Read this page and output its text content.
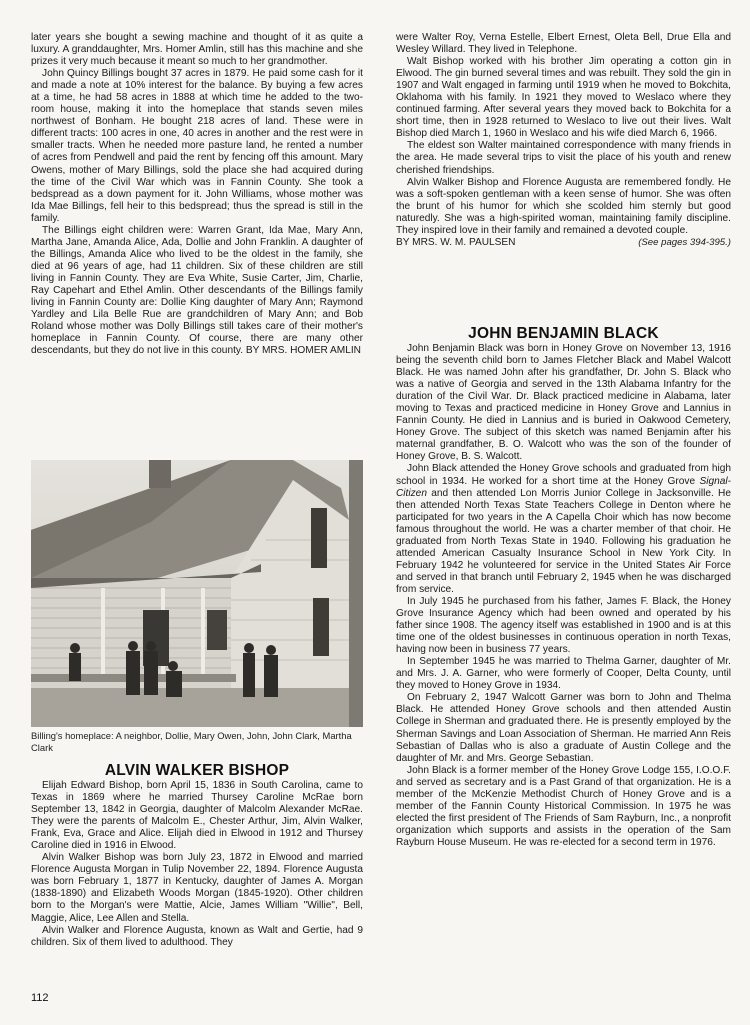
later years she bought a sewing machine and thought of it as quite a luxury. A granddaughter, Mrs. Homer Amlin, still has this machine and she prizes it very much because it meant so much to her grandmother.

John Quincy Billings bought 37 acres in 1879. He paid some cash for it and made a note at 10% interest for the balance. By buying a few acres at a time, he had 58 acres in 1888 at which time he added to the two-room house, making it into the homeplace that stands seven miles northwest of Bonham. He bought 218 acres of land. These were in different tracts: 100 acres in one, 40 acres in another and the rest were in smaller tracts. When he needed more pasture land, he rented a number of acres from Pendwell and paid the rent by fencing off this amount. Mary Owens, mother of Mary Billings, sold the place she had acquired during the time of the Civil War which was in Fannin County. She took a bedspread as a down payment for it. John Williams, whose mother was Ida Mae Billings, fell heir to this bedspread; thus the spread is still in the family.

The Billings eight children were: Warren Grant, Ida Mae, Mary Ann, Martha Jane, Amanda Alice, Ada, Dollie and John Franklin. A daughter of the Billings, Amanda Alice who lived to be the oldest in the family, she died at 96 years of age, had 11 children. Six of these children are still living in Fannin County. They are Eva White, Susie Carter, Jim, Charlie, Ray Capehart and Ethel Amlin. Other descendants of the Billings family living in Fannin County are: Dollie King daughter of Mary Ann; Raymond Yardley and Lila Belle Rue are grandchildren of Mary Ann; and Bob Roland whose mother was Dolly Billings still takes care of their mother's homeplace in Fannin County. Of course, there are many other descendants, but they do not live in this county. BY MRS. HOMER AMLIN

Billing's homeplace: A neighbor, Dollie, Mary Owen, John, John Clark, Martha Clark
ALVIN WALKER BISHOP

Elijah Edward Bishop, born April 15, 1836 in South Carolina, came to Texas in 1869 where he married Thursey Caroline McRae born September 13, 1842 in Georgia, daughter of Malcolm Alexander McRae. They were the parents of Malcolm E., Chester Arthur, Jim, Alvin Walker, Frank, Eva, Grace and Alice. Elijah died in Elwood in 1912 and Thursey Caroline died in 1916 in Elwood.

Alvin Walker Bishop was born July 23, 1872 in Elwood and married Florence Augusta Morgan in Tulip November 22, 1894. Florence Augusta was born February 1, 1877 in Kentucky, daughter of James A. Morgan (1838-1890) and Elizabeth Woods Morgan (1845-1920). Other children born to the Morgan's were Mattie, Alcie, James William "Willie", Bell, Maggie, Alice, Lee Allen and Stella.

Alvin Walker and Florence Augusta, known as Walt and Gertie, had 9 children. Six of them lived to adulthood. They

were Walter Roy, Verna Estelle, Elbert Ernest, Oleta Bell, Drue Ella and Wesley Willard. They lived in Telephone.

Walt Bishop worked with his brother Jim operating a cotton gin in Elwood. The gin burned several times and was rebuilt. They sold the gin in 1907 and Walt engaged in farming until 1919 when he moved to Bokchita, Oklahoma with his family. In 1921 they moved to Weslaco where they continued farming. After several years they moved back to Bokchita for a short time, then in 1928 returned to Weslaco to live out their lives. Walt Bishop died March 1, 1960 in Weslaco and his wife died March 6, 1966.

The eldest son Walter maintained correspondence with many friends in the area. He made several trips to visit the place of his youth and renew cherished friendships.

Alvin Walker Bishop and Florence Augusta are remembered fondly. He was a soft-spoken gentleman with a keen sense of humor. She was often the brunt of his humor for which she scolded him sternly but good naturedly. She was a high-spirited woman, maintaining family discipline. They inspired love in their family and remained a devoted couple.

BY MRS. W. M. PAULSEN	(See pages 394-395.)
JOHN BENJAMIN BLACK

John Benjamin Black was born in Honey Grove on November 13, 1916 being the seventh child born to James Fletcher Black and Mabel Walcott Black. He was named John after his grandfather, Dr. John S. Black who was a native of Georgia and served in the 13th Alabama Infantry for the duration of the Civil War. Dr. Black practiced medicine in Alabama, later moving to Texas and practiced medicine in Honey Grove and Lannius in Fannin County. He died in Lannius and is buried in Oakwood Cemetery, Honey Grove. The subject of this sketch was named Benjamin after his maternal grandfather, B. O. Walcott who was the son of the founder of Honey Grove, B. S. Walcott.

John Black attended the Honey Grove schools and graduated from high school in 1934. He worked for a short time at the Honey Grove Signal-Citizen and then attended Lon Morris Junior College in Jacksonville. He then attended North Texas State Teachers College in Denton where he participated for two years in the A Capella Choir which has now become famous throughout the world. He was a charter member of that choir. He graduated from North Texas State in 1940. Following his graduation he attended American Casualty Insurance School in New York City. In February 1942 he volunteered for service in the United States Air Force and served in that branch until February 2, 1945 when he was discharged from service.

In July 1945 he purchased from his father, James F. Black, the Honey Grove Insurance Agency which had been owned and operated by his father since 1908. The agency itself was established in 1900 and is at this time one of the oldest businesses in continuous operation in north Texas, having now been in business 77 years.

In September 1945 he was married to Thelma Garner, daughter of Mr. and Mrs. J. A. Garner, who were formerly of Cooper, Delta County, until they moved to Honey Grove in 1934.

On February 2, 1947 Walcott Garner was born to John and Thelma Black. He attended Honey Grove schools and then attended Austin College in Sherman and graduated there. He is presently employed by the Sherman Savings and Loan Association of Sherman. He married Ann Reis Sebastian of Dallas who is also a graduate of Austin College and the daughter of Mr. and Mrs. George Sebastian.

John Black is a former member of the Honey Grove Lodge 155, I.O.O.F. and served as secretary and is a Past Grand of that organization. He is a member of the McKenzie Methodist Church of Honey Grove and is a member of the Fannin County Historical Commission. In 1975 he was elected the first president of The Friends of Sam Rayburn, Inc., a nonprofit organization which supports and assists in the operation of the Sam Rayburn House Museum. He was re-elected for a second term in 1976.

112
